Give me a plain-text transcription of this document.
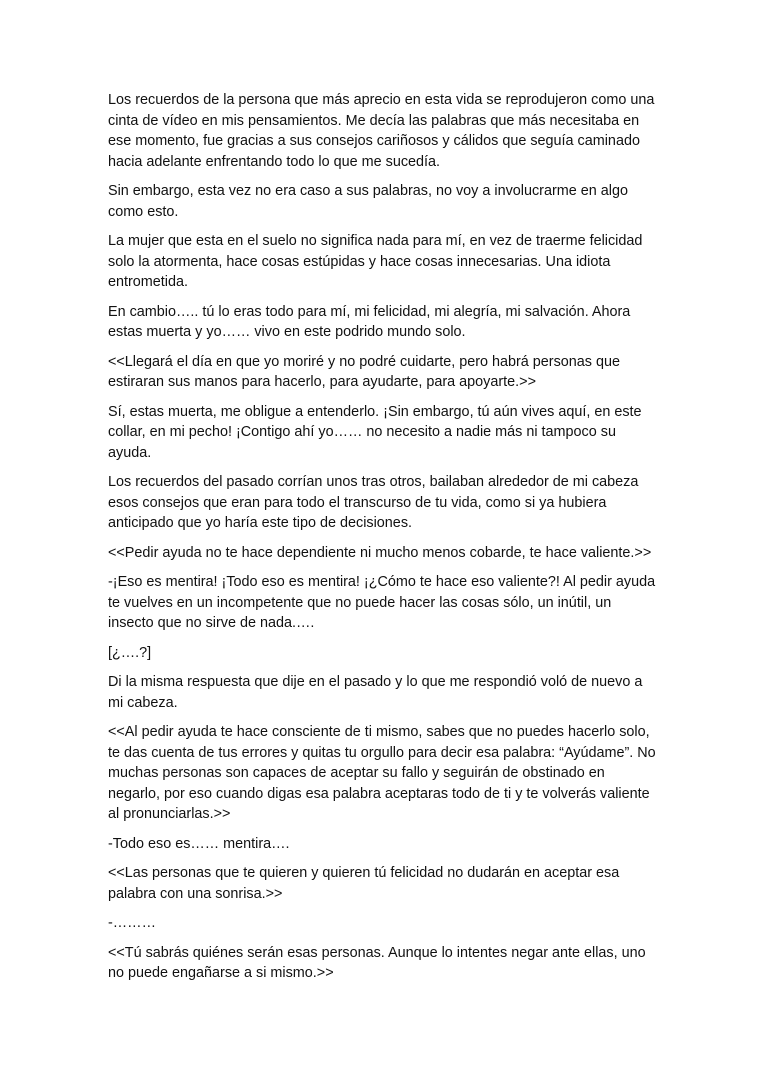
Los recuerdos de la persona que más aprecio en esta vida se reprodujeron como una cinta de vídeo en mis pensamientos. Me decía las palabras que más necesitaba en ese momento, fue gracias a sus consejos cariñosos y cálidos que seguía caminado hacia adelante enfrentando todo lo que me sucedía.

Sin embargo, esta vez no era caso a sus palabras, no voy a involucrarme en algo como esto.

La mujer que esta en el suelo no significa nada para mí, en vez de traerme felicidad solo la atormenta, hace cosas estúpidas y hace cosas innecesarias. Una idiota entrometida.

En cambio….. tú lo eras todo para mí, mi felicidad, mi alegría, mi salvación. Ahora estas muerta y yo…… vivo en este podrido mundo solo.

<<Llegará el día en que yo moriré y no podré cuidarte, pero habrá personas que estiraran sus manos para hacerlo, para ayudarte, para apoyarte.>>

Sí, estas muerta, me obligue a entenderlo. ¡Sin embargo, tú aún vives aquí, en este collar, en mi pecho! ¡Contigo ahí yo…… no necesito a nadie más ni tampoco su ayuda.

Los recuerdos del pasado corrían unos tras otros, bailaban alrededor de mi cabeza esos consejos que eran para todo el transcurso de tu vida, como si ya hubiera anticipado que yo haría este tipo de decisiones.

<<Pedir ayuda no te hace dependiente ni mucho menos cobarde, te hace valiente.>>

-¡Eso es mentira! ¡Todo eso es mentira! ¡¿Cómo te hace eso valiente?! Al pedir ayuda te vuelves en un incompetente que no puede hacer las cosas sólo, un inútil, un insecto que no sirve de nada.….

[¿….?]

Di la misma respuesta que dije en el pasado y lo que me respondió voló de nuevo a mi cabeza.

<<Al pedir ayuda te hace consciente de ti mismo, sabes que no puedes hacerlo solo, te das cuenta de tus errores y quitas tu orgullo para decir esa palabra: “Ayúdame”. No muchas personas son capaces de aceptar su fallo y seguirán de obstinado en negarlo, por eso cuando digas esa palabra aceptaras todo de ti y te volverás valiente al pronunciarlas.>>

-Todo eso es…… mentira….

<<Las personas que te quieren y quieren tú felicidad no dudarán en aceptar esa palabra con una sonrisa.>>

-………

<<Tú sabrás quiénes serán esas personas. Aunque lo intentes negar ante ellas, uno no puede engañarse a si mismo.>>
